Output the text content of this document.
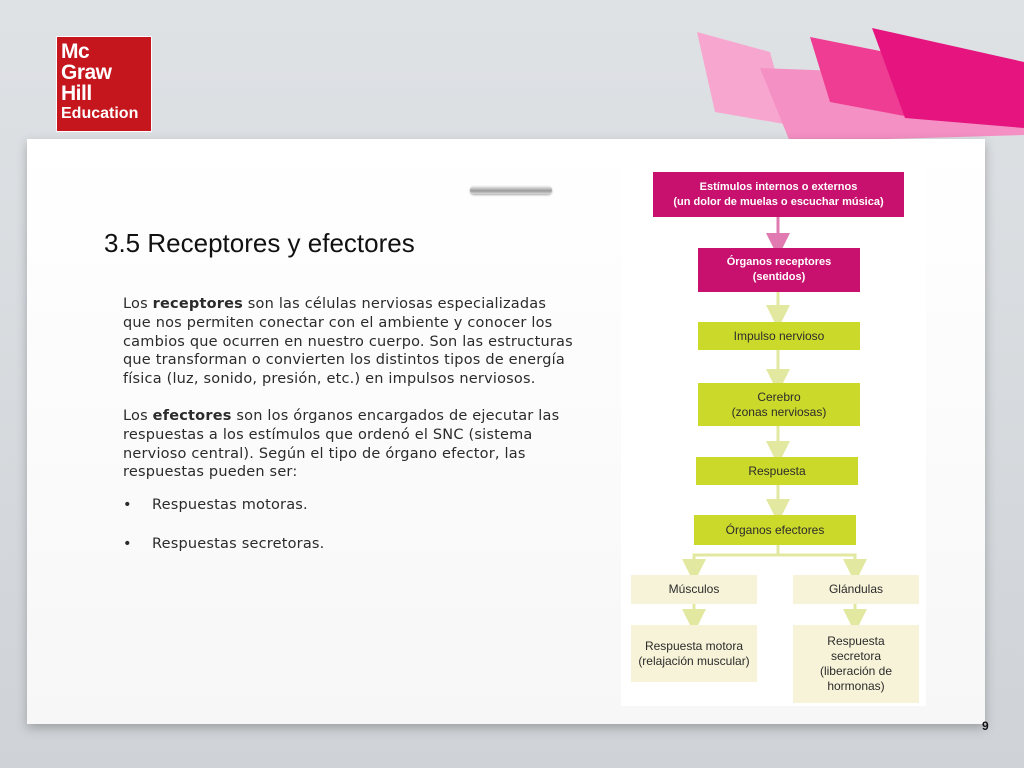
Mc
Graw
Hill
Education
3.5 Receptores y efectores

Los receptores son las células nerviosas especializadas que nos permiten conectar con el ambiente y conocer los cambios que ocurren en nuestro cuerpo. Son las estructuras que transforman o convierten los distintos tipos de energía física (luz, sonido, presión, etc.) en impulsos nerviosos.

Los efectores son los órganos encargados de ejecutar las respuestas a los estímulos que ordenó el SNC (sistema nervioso central). Según el tipo de órgano efector, las respuestas pueden ser:

• Respuestas motoras.
• Respuestas secretoras.
Estímulos internos o externos
(un dolor de muelas o escuchar música)
Órganos receptores
(sentidos)
Impulso nervioso
Cerebro
(zonas nerviosas)
Respuesta
Órganos efectores
Músculos	Glándulas
Respuesta motora
(relajación muscular)
Respuesta
secretora
(liberación de
hormonas)
9
